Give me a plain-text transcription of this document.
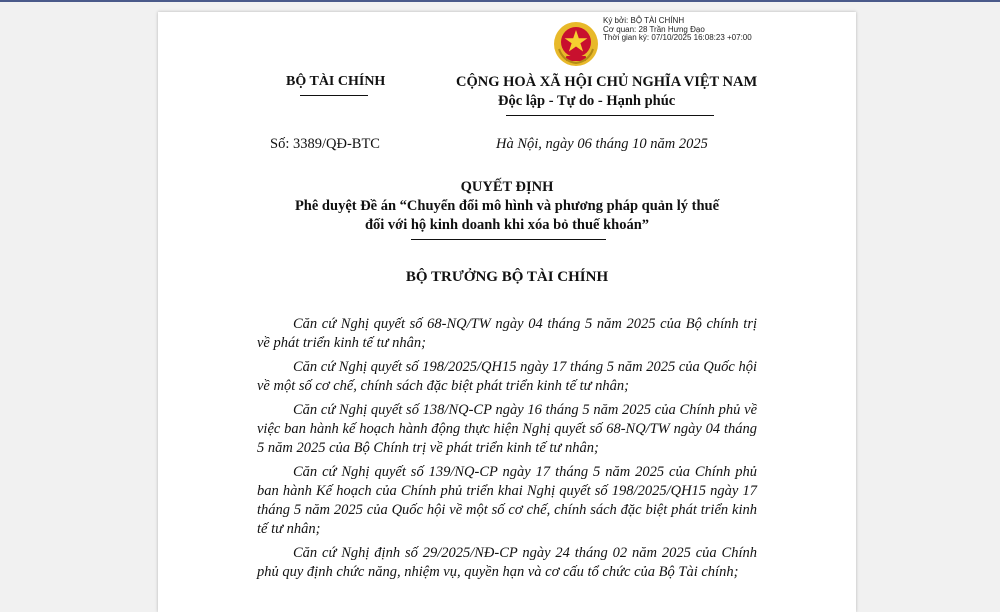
Ký bởi: BỘ TÀI CHÍNH
Cơ quan: 28 Trần Hưng Đạo
Thời gian ký: 07/10/2025 16:08:23 +07:00
BỘ TÀI CHÍNH	CỘNG HOÀ XÃ HỘI CHỦ NGHĨA VIỆT NAM
Độc lập - Tự do - Hạnh phúc
Số: 3389/QĐ-BTC	Hà Nội, ngày 06 tháng 10 năm 2025
QUYẾT ĐỊNH
Phê duyệt Đề án “Chuyển đổi mô hình và phương pháp quản lý thuế
đối với hộ kinh doanh khi xóa bỏ thuế khoán”
BỘ TRƯỞNG BỘ TÀI CHÍNH

Căn cứ Nghị quyết số 68-NQ/TW ngày 04 tháng 5 năm 2025 của Bộ chính trị về phát triển kinh tế tư nhân;

Căn cứ Nghị quyết số 198/2025/QH15 ngày 17 tháng 5 năm 2025 của Quốc hội về một số cơ chế, chính sách đặc biệt phát triển kinh tế tư nhân;

Căn cứ Nghị quyết số 138/NQ-CP ngày 16 tháng 5 năm 2025 của Chính phủ về việc ban hành kế hoạch hành động thực hiện Nghị quyết số 68-NQ/TW ngày 04 tháng 5 năm 2025 của Bộ Chính trị về phát triển kinh tế tư nhân;

Căn cứ Nghị quyết số 139/NQ-CP ngày 17 tháng 5 năm 2025 của Chính phủ ban hành Kế hoạch của Chính phủ triển khai Nghị quyết số 198/2025/QH15 ngày 17 tháng 5 năm 2025 của Quốc hội về một số cơ chế, chính sách đặc biệt phát triển kinh tế tư nhân;

Căn cứ Nghị định số 29/2025/NĐ-CP ngày 24 tháng 02 năm 2025 của Chính phủ quy định chức năng, nhiệm vụ, quyền hạn và cơ cấu tổ chức của Bộ Tài chính;
